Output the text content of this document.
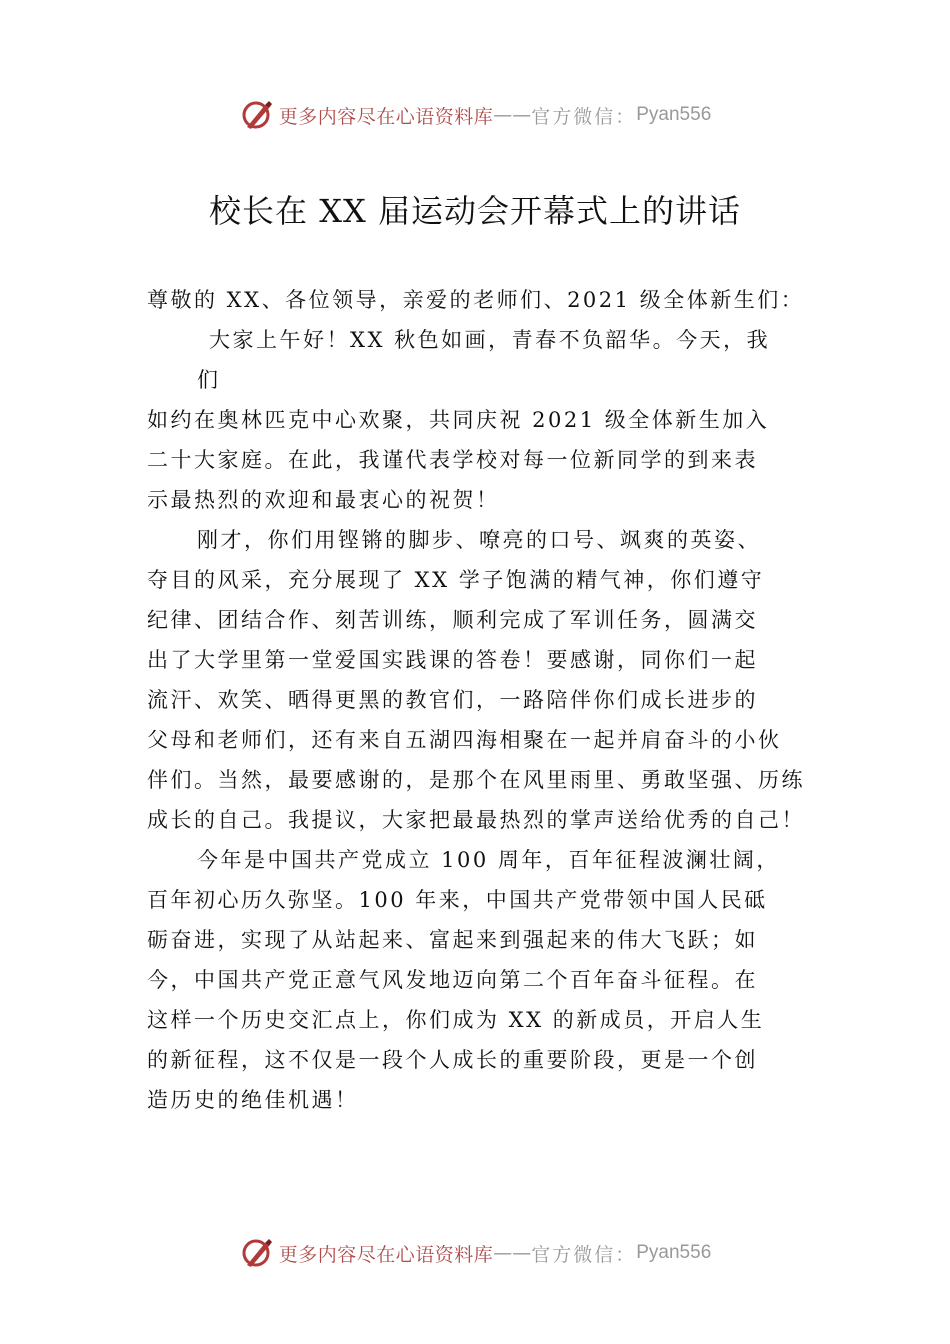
更多内容尽在心语资料库 —— 官方微信： Pyan556
校长在 XX 届运动会开幕式上的讲话
尊敬的 XX、各位领导，亲爱的老师们、2021 级全体新生们：
大家上午好！XX 秋色如画，青春不负韶华。今天，我
们
如约在奥林匹克中心欢聚，共同庆祝 2021 级全体新生加入
二十大家庭。在此，我谨代表学校对每一位新同学的到来表
示最热烈的欢迎和最衷心的祝贺！
刚才，你们用铿锵的脚步、嘹亮的口号、飒爽的英姿、
夺目的风采，充分展现了 XX 学子饱满的精气神，你们遵守
纪律、团结合作、刻苦训练，顺利完成了军训任务，圆满交
出了大学里第一堂爱国实践课的答卷！要感谢，同你们一起
流汗、欢笑、晒得更黑的教官们，一路陪伴你们成长进步的
父母和老师们，还有来自五湖四海相聚在一起并肩奋斗的小伙
伴们。当然，最要感谢的，是那个在风里雨里、勇敢坚强、历练
成长的自己。我提议，大家把最最热烈的掌声送给优秀的自己！
今年是中国共产党成立 100 周年，百年征程波澜壮阔，
百年初心历久弥坚。100 年来，中国共产党带领中国人民砥
砺奋进，实现了从站起来、富起来到强起来的伟大飞跃；如
今，中国共产党正意气风发地迈向第二个百年奋斗征程。在
这样一个历史交汇点上，你们成为 XX 的新成员，开启人生
的新征程，这不仅是一段个人成长的重要阶段，更是一个创
造历史的绝佳机遇！
更多内容尽在心语资料库 —— 官方微信： Pyan556
